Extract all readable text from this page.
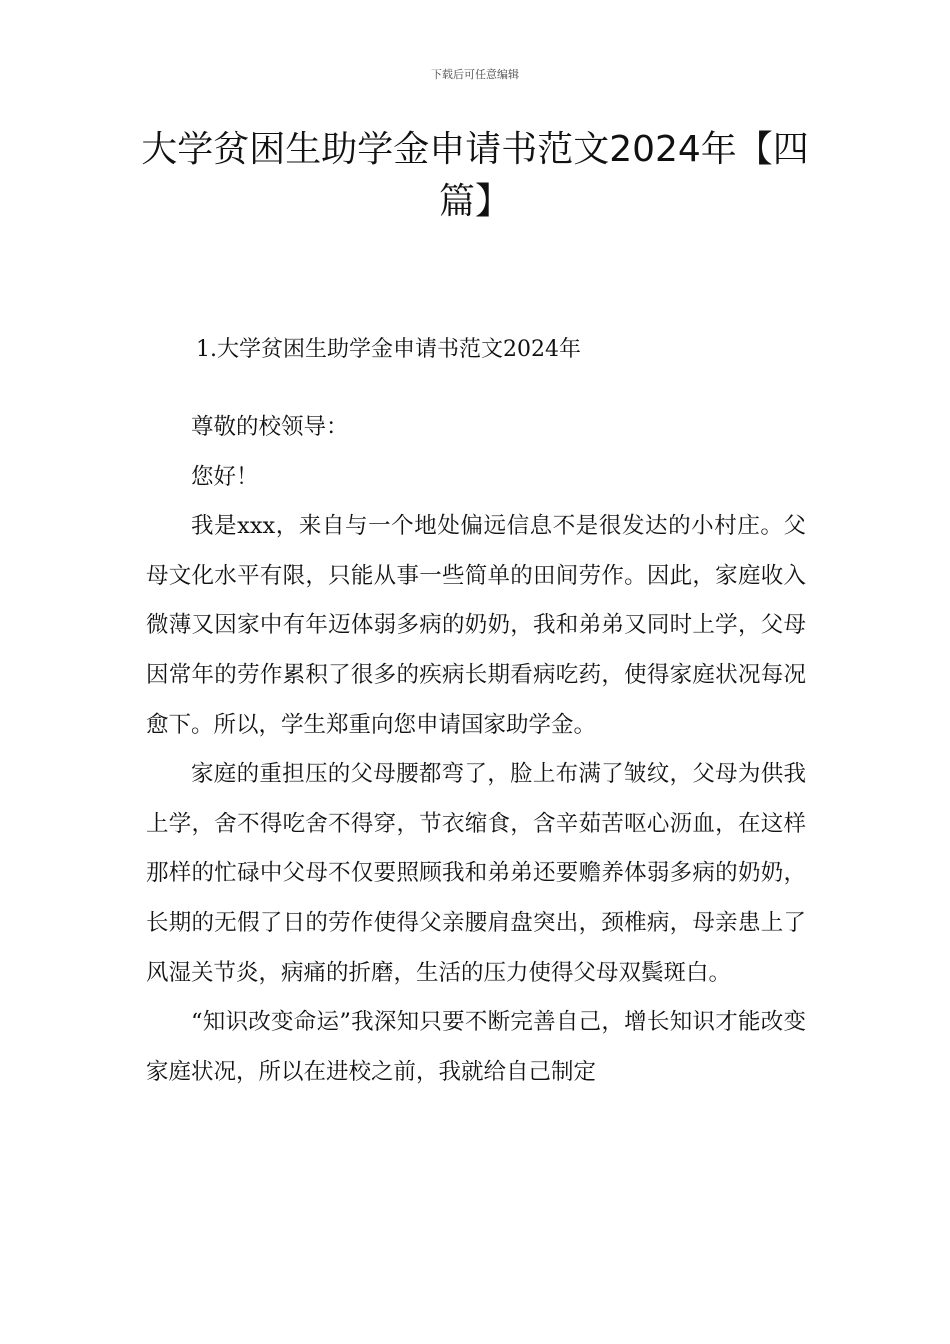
下载后可任意编辑
大学贫困生助学金申请书范文2024年【四篇】
1.大学贫困生助学金申请书范文2024年

尊敬的校领导：

您好！

我是xxx，来自与一个地处偏远信息不是很发达的小村庄。父母文化水平有限，只能从事一些简单的田间劳作。因此，家庭收入微薄又因家中有年迈体弱多病的奶奶，我和弟弟又同时上学，父母因常年的劳作累积了很多的疾病长期看病吃药，使得家庭状况每况愈下。所以，学生郑重向您申请国家助学金。

家庭的重担压的父母腰都弯了，脸上布满了皱纹，父母为供我上学，舍不得吃舍不得穿，节衣缩食，含辛茹苦呕心沥血，在这样那样的忙碌中父母不仅要照顾我和弟弟还要赡养体弱多病的奶奶，长期的无假了日的劳作使得父亲腰肩盘突出，颈椎病，母亲患上了风湿关节炎，病痛的折磨，生活的压力使得父母双鬓斑白。

“知识改变命运”我深知只要不断完善自己，增长知识才能改变家庭状况，所以在进校之前，我就给自己制定
